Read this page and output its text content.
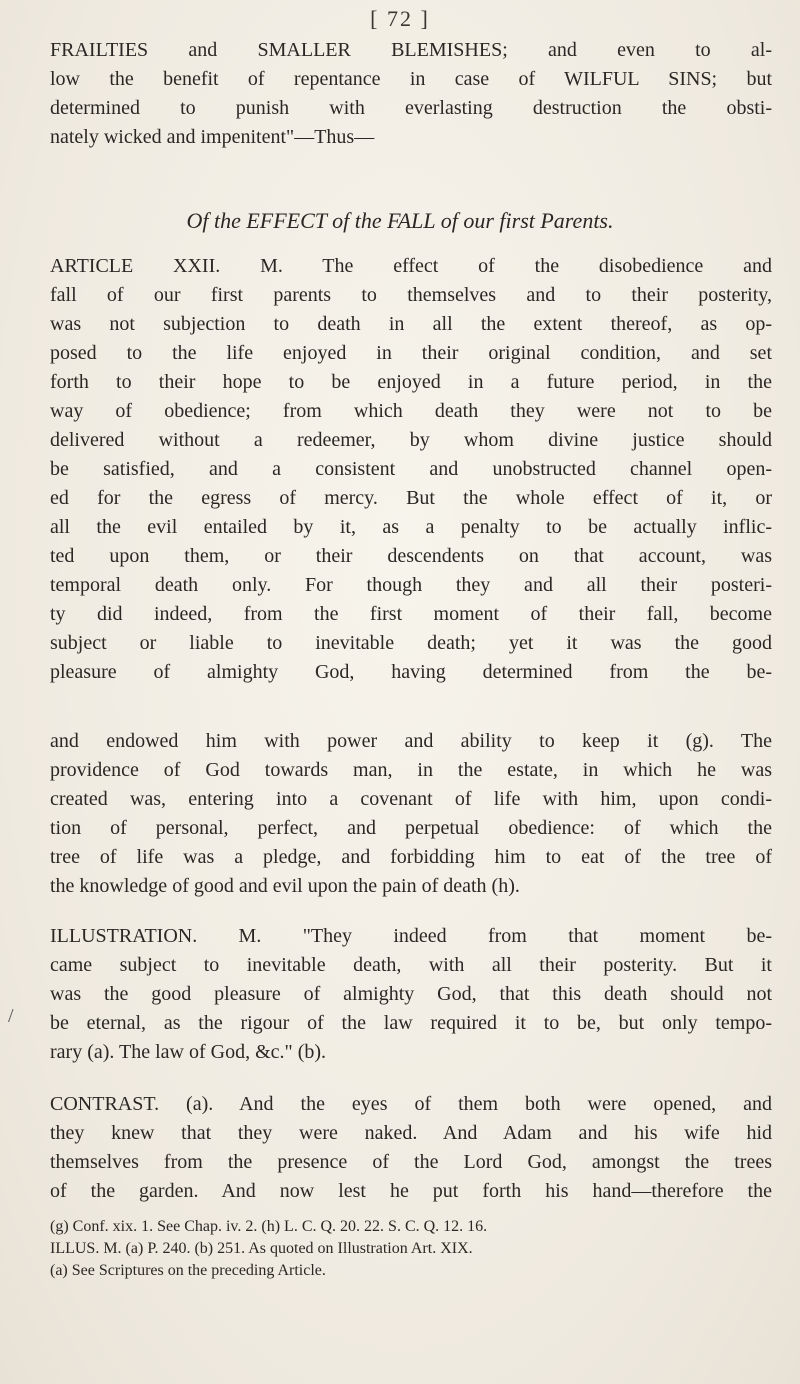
[ 72 ]
FRAILTIES and SMALLER BLEMISHES; and even to al-
low the benefit of repentance in case of WILFUL SINS; but
determined to punish with everlasting destruction the obsti-
nately wicked and impenitent"—Thus—
Of the EFFECT of the FALL of our first Parents.
ARTICLE XXII. M. The effect of the disobedience and
fall of our first parents to themselves and to their posterity,
was not subjection to death in all the extent thereof, as op-
posed to the life enjoyed in their original condition, and set
forth to their hope to be enjoyed in a future period, in the
way of obedience; from which death they were not to be
delivered without a redeemer, by whom divine justice should
be satisfied, and a consistent and unobstructed channel open-
ed for the egress of mercy. But the whole effect of it, or
all the evil entailed by it, as a penalty to be actually inflic-
ted upon them, or their descendents on that account, was
temporal death only. For though they and all their posteri-
ty did indeed, from the first moment of their fall, become
subject or liable to inevitable death; yet it was the good
pleasure of almighty God, having determined from the be-
and endowed him with power and ability to keep it (g). The
providence of God towards man, in the estate, in which he was
created was, entering into a covenant of life with him, upon condi-
tion of personal, perfect, and perpetual obedience: of which the
tree of life was a pledge, and forbidding him to eat of the tree of
the knowledge of good and evil upon the pain of death (h).
ILLUSTRATION. M. "They indeed from that moment be-
came subject to inevitable death, with all their posterity. But it
was the good pleasure of almighty God, that this death should not
be eternal, as the rigour of the law required it to be, but only tempo-
rary (a). The law of God, &c." (b).
CONTRAST. (a). And the eyes of them both were opened, and
they knew that they were naked. And Adam and his wife hid
themselves from the presence of the Lord God, amongst the trees
of the garden. And now lest he put forth his hand—therefore the
(g) Conf. xix. 1. See Chap. iv. 2. (h) L. C. Q. 20. 22. S. C. Q. 12. 16.
ILLUS. M. (a) P. 240. (b) 251. As quoted on Illustration Art. XIX.
(a) See Scriptures on the preceding Article.
/
